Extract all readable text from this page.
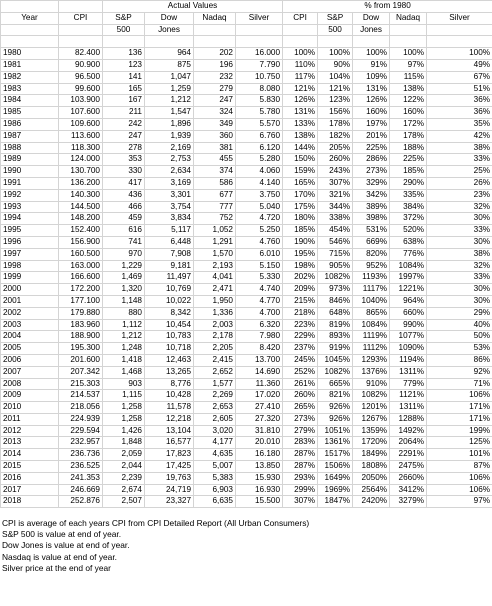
		Actual Values				% from 1980				
Year	CPI	S&P	Dow	Nadaq	Silver	CPI	S&P	Dow	Nadaq	Silver
		500	Jones				500	Jones		

1980	82.400	136	964	202	16.000	100%	100%	100%	100%	100%
1981	90.900	123	875	196	7.790	110%	90%	91%	97%	49%
1982	96.500	141	1,047	232	10.750	117%	104%	109%	115%	67%
1983	99.600	165	1,259	279	8.080	121%	121%	131%	138%	51%
1984	103.900	167	1,212	247	5.830	126%	123%	126%	122%	36%
1985	107.600	211	1,547	324	5.780	131%	156%	160%	160%	36%
1986	109.600	242	1,896	349	5.570	133%	178%	197%	172%	35%
1987	113.600	247	1,939	360	6.760	138%	182%	201%	178%	42%
1988	118.300	278	2,169	381	6.120	144%	205%	225%	188%	38%
1989	124.000	353	2,753	455	5.280	150%	260%	286%	225%	33%
1990	130.700	330	2,634	374	4.060	159%	243%	273%	185%	25%
1991	136.200	417	3,169	586	4.140	165%	307%	329%	290%	26%
1992	140.300	436	3,301	677	3.750	170%	321%	342%	335%	23%
1993	144.500	466	3,754	777	5.040	175%	344%	389%	384%	32%
1994	148.200	459	3,834	752	4.720	180%	338%	398%	372%	30%
1995	152.400	616	5,117	1,052	5.250	185%	454%	531%	520%	33%
1996	156.900	741	6,448	1,291	4.760	190%	546%	669%	638%	30%
1997	160.500	970	7,908	1,570	6.010	195%	715%	820%	776%	38%
1998	163.000	1,229	9,181	2,193	5.150	198%	905%	952%	1084%	32%
1999	166.600	1,469	11,497	4,041	5.330	202%	1082%	1193%	1997%	33%
2000	172.200	1,320	10,769	2,471	4.740	209%	973%	1117%	1221%	30%
2001	177.100	1,148	10,022	1,950	4.770	215%	846%	1040%	964%	30%
2002	179.880	880	8,342	1,336	4.700	218%	648%	865%	660%	29%
2003	183.960	1,112	10,454	2,003	6.320	223%	819%	1084%	990%	40%
2004	188.900	1,212	10,783	2,178	7.980	229%	893%	1119%	1077%	50%
2005	195.300	1,248	10,718	2,205	8.420	237%	919%	1112%	1090%	53%
2006	201.600	1,418	12,463	2,415	13.700	245%	1045%	1293%	1194%	86%
2007	207.342	1,468	13,265	2,652	14.690	252%	1082%	1376%	1311%	92%
2008	215.303	903	8,776	1,577	11.360	261%	665%	910%	779%	71%
2009	214.537	1,115	10,428	2,269	17.020	260%	821%	1082%	1121%	106%
2010	218.056	1,258	11,578	2,653	27.410	265%	926%	1201%	1311%	171%
2011	224.939	1,258	12,218	2,605	27.320	273%	926%	1267%	1288%	171%
2012	229.594	1,426	13,104	3,020	31.810	279%	1051%	1359%	1492%	199%
2013	232.957	1,848	16,577	4,177	20.010	283%	1361%	1720%	2064%	125%
2014	236.736	2,059	17,823	4,635	16.180	287%	1517%	1849%	2291%	101%
2015	236.525	2,044	17,425	5,007	13.850	287%	1506%	1808%	2475%	87%
2016	241.353	2,239	19,763	5,383	15.930	293%	1649%	2050%	2660%	106%
2017	246.669	2,674	24,719	6,903	16.930	299%	1969%	2564%	3412%	106%
2018	252.876	2,507	23,327	6,635	15.500	307%	1847%	2420%	3279%	97%
CPI is average of each years CPI from CPI Detailed Report (All Urban Consumers)
S&P 500 is value at end of year.
Dow Jones is value at end of year.
Nasdaq is value at end of year.
Silver price at the end of year
